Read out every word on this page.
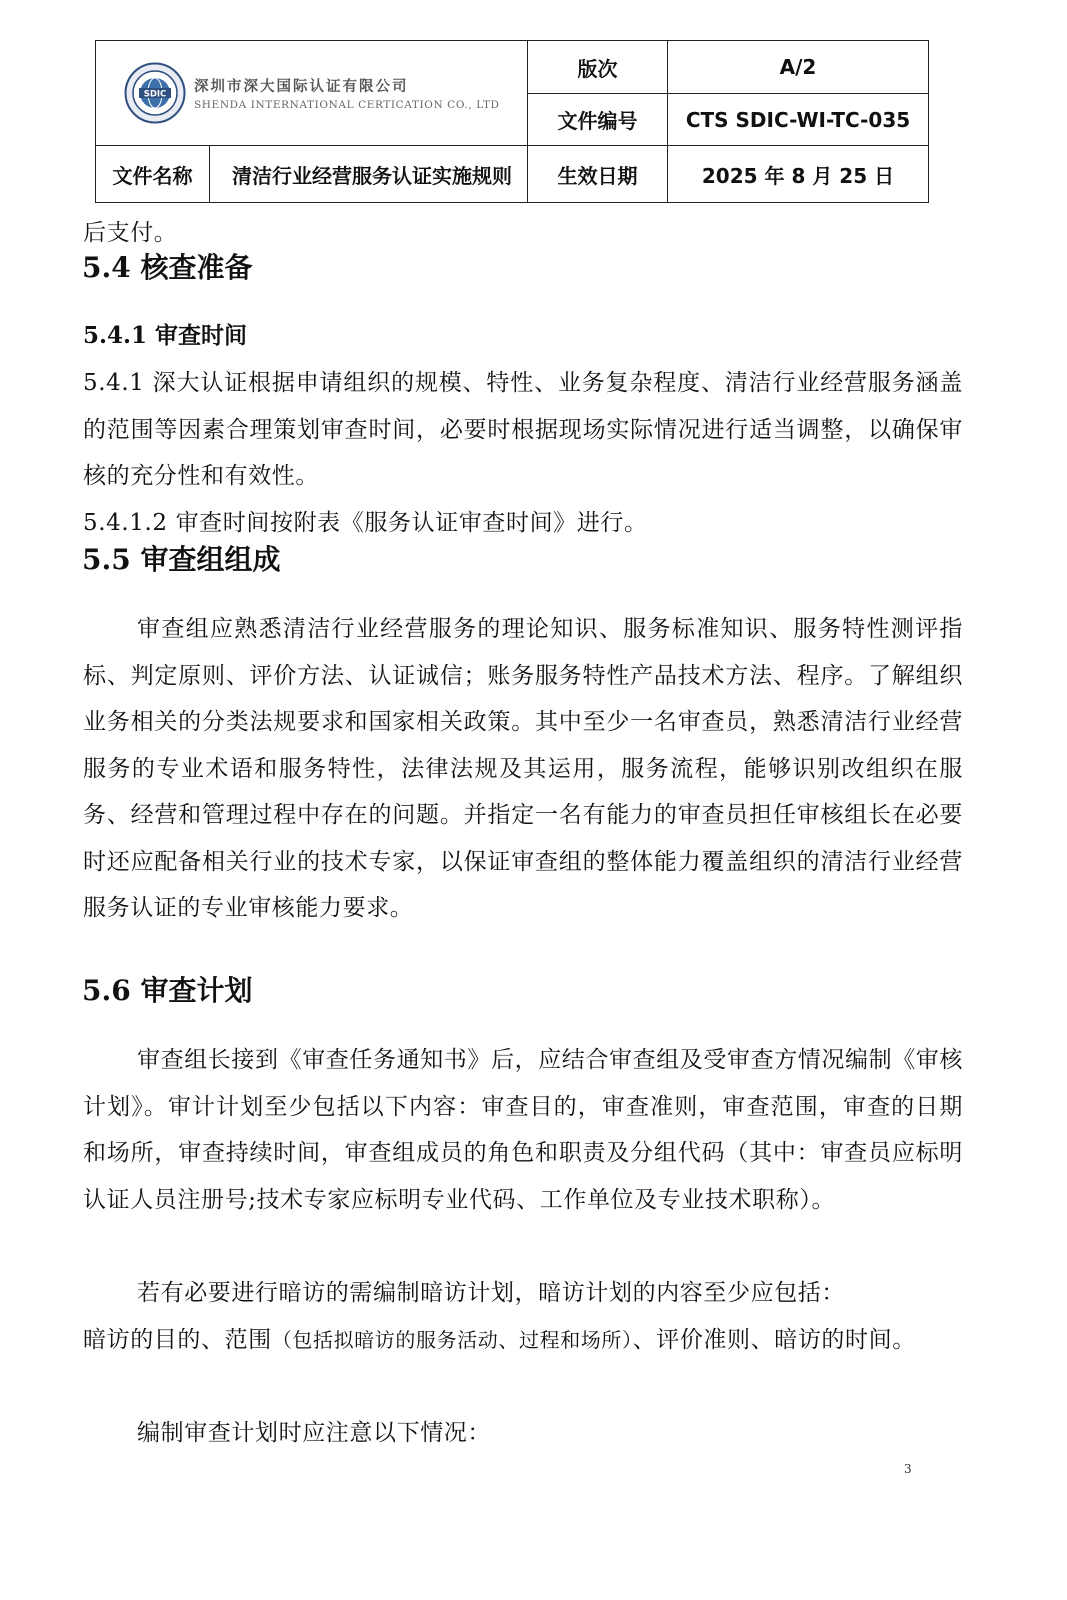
SDIC 深圳市深大国际认证有限公司
SHENDA INTERNATIONAL CERTICATION CO., LTD		版次	A/2
		文件编号	CTS SDIC-WI-TC-035
文件名称	清洁行业经营服务认证实施规则	生效日期	2025 年 8 月 25 日

后支付。

5.4 核查准备
5.4.1 审查时间

5.4.1 深大认证根据申请组织的规模、特性、业务复杂程度、清洁行业经营服务涵盖的范围等因素合理策划审查时间，必要时根据现场实际情况进行适当调整，以确保审核的充分性和有效性。

5.4.1.2 审查时间按附表《服务认证审查时间》进行。

5.5 审查组组成

审查组应熟悉清洁行业经营服务的理论知识、服务标准知识、服务特性测评指标、判定原则、评价方法、认证诚信；账务服务特性产品技术方法、程序。了解组织业务相关的分类法规要求和国家相关政策。其中至少一名审查员，熟悉清洁行业经营服务的专业术语和服务特性，法律法规及其运用，服务流程，能够识别改组织在服务、经营和管理过程中存在的问题。并指定一名有能力的审查员担任审核组长在必要时还应配备相关行业的技术专家，以保证审查组的整体能力覆盖组织的清洁行业经营服务认证的专业审核能力要求。

5.6 审查计划

审查组长接到《审查任务通知书》后，应结合审查组及受审查方情况编制《审核计划》。审计计划至少包括以下内容：审查目的，审查准则，审查范围，审查的日期和场所，审查持续时间，审查组成员的角色和职责及分组代码（其中：审查员应标明认证人员注册号;技术专家应标明专业代码、工作单位及专业技术职称）。

若有必要进行暗访的需编制暗访计划，暗访计划的内容至少应包括：

暗访的目的、范围（包括拟暗访的服务活动、过程和场所）、评价准则、暗访的时间。

编制审查计划时应注意以下情况：

3
